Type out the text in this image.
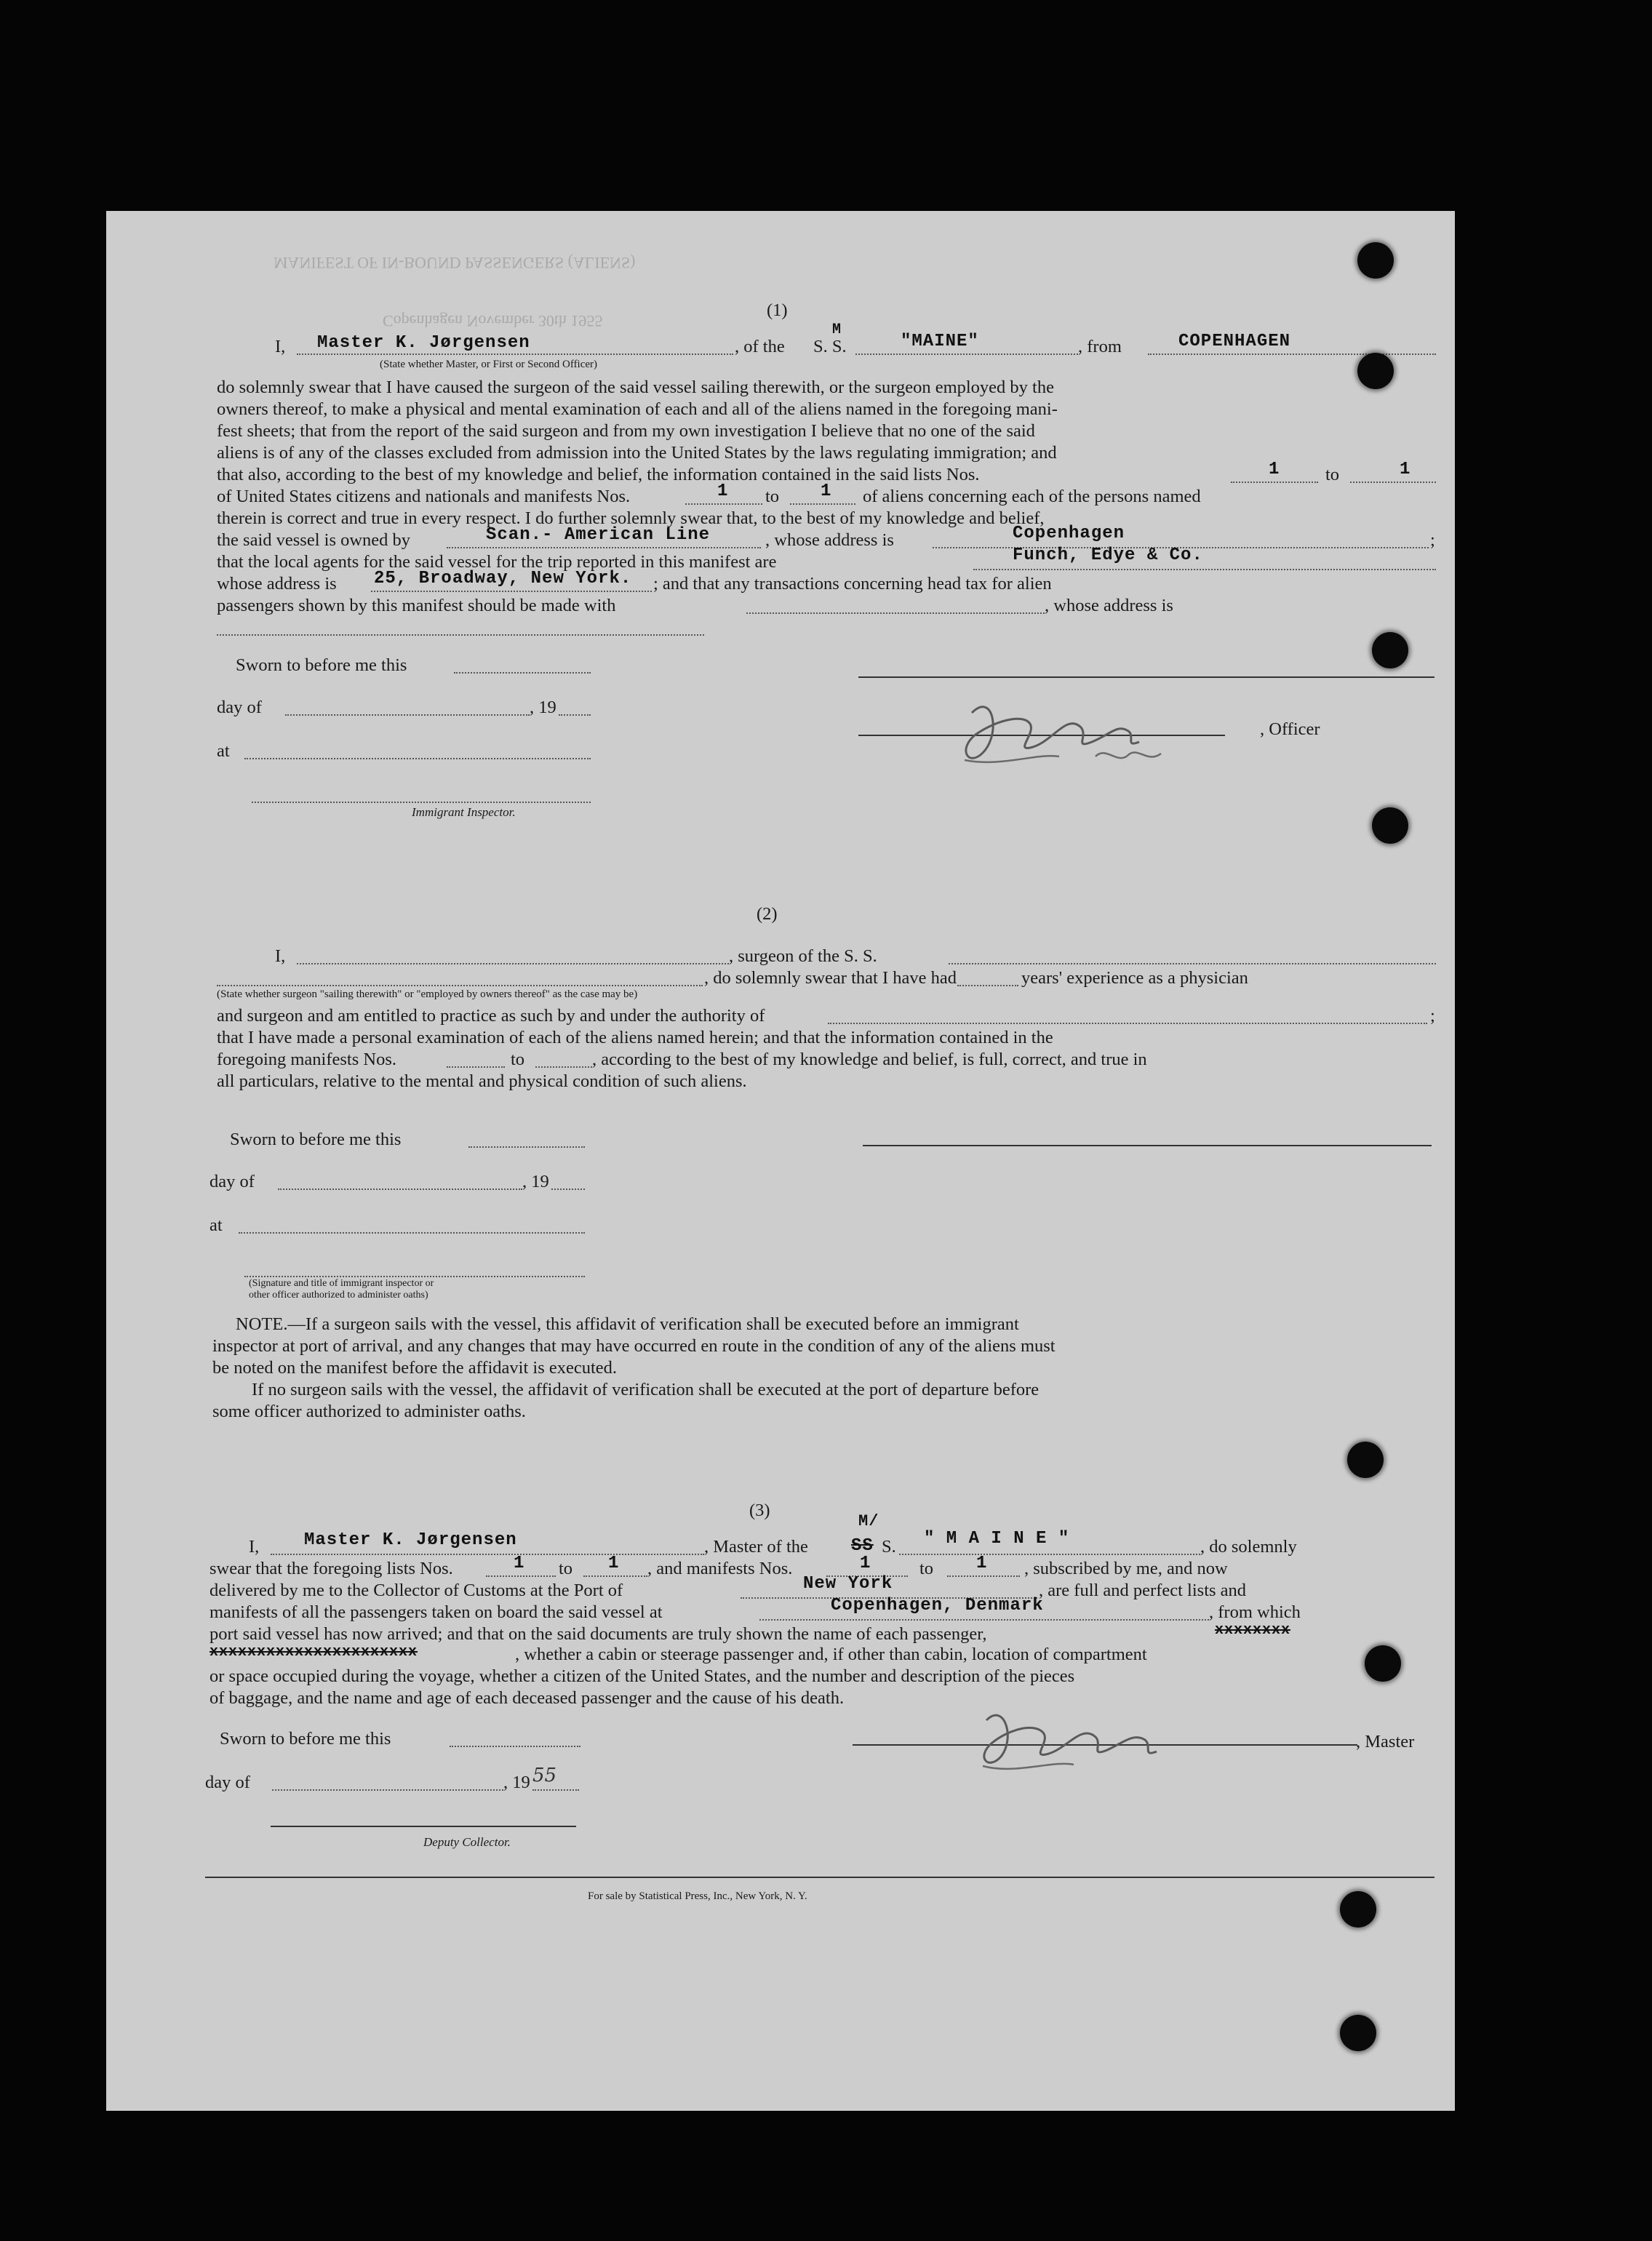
MANIFEST OF IN-BOUND PASSENGERS (ALIENS)
Copenhagen November 30th 1955
(1)
I, Master K. Jørgensen	, of the S. S.
M
"MAINE"	, from	COPENHAGEN
(State whether Master, or First or Second Officer)
do solemnly swear that I have caused the surgeon of the said vessel sailing therewith, or the surgeon employed by the
owners thereof, to make a physical and mental examination of each and all of the aliens named in the foregoing mani-
fest sheets; that from the report of the said surgeon and from my own investigation I believe that no one of the said
aliens is of any of the classes excluded from admission into the United States by the laws regulating immigration; and
that also, according to the best of my knowledge and belief, the information contained in the said lists Nos.	1	to	1
of United States citizens and nationals and manifests Nos.	1 to 1 of aliens concerning each of the persons named
therein is correct and true in every respect. I do further solemnly swear that, to the best of my knowledge and belief,
the said vessel is owned by	Scan.- American Line	, whose address is	Copenhagen	;
that the local agents for the said vessel for the trip reported in this manifest are	Funch, Edye & Co.
whose address is 25, Broadway, New York. ; and that any transactions concerning head tax for alien
passengers shown by this manifest should be made with	, whose address is
Sworn to before me this
day of	, 19
, Officer
K. Jørgensen
at
Immigrant Inspector.
(2)
I,	, surgeon of the S. S.
, do solemnly swear that I have had	years' experience as a physician
(State whether surgeon "sailing therewith" or "employed by owners thereof" as the case may be)
and surgeon and am entitled to practice as such by and under the authority of	;
that I have made a personal examination of each of the aliens named herein; and that the information contained in the
foregoing manifests Nos.	to	, according to the best of my knowledge and belief, is full, correct, and true in
all particulars, relative to the mental and physical condition of such aliens.
Sworn to before me this
day of	, 19
at
(Signature and title of immigrant inspector or
other officer authorized to administer oaths)
NOTE.—If a surgeon sails with the vessel, this affidavit of verification shall be executed before an immigrant
inspector at port of arrival, and any changes that may have occurred en route in the condition of any of the aliens must
be noted on the manifest before the affidavit is executed.
If no surgeon sails with the vessel, the affidavit of verification shall be executed at the port of departure before
some officer authorized to administer oaths.
(3)
I,	Master K. Jørgensen	, Master of the SS
M/
S. " M A I N E "	, do solemnly
swear that the foregoing lists Nos.	1 to 1 , and manifests Nos.	1	to 1 , subscribed by me, and now
delivered by me to the Collector of Customs at the Port of	New York	, are full and perfect lists and
manifests of all the passengers taken on board the said vessel at	Copenhagen, Denmark	, from which
port said vessel has now arrived; and that on the said documents are truly shown the name of each passenger,	xxxxxxxx
xxxxxxxxxxxxxxxxxxxxxx	, whether a cabin or steerage passenger and, if other than cabin, location of compartment
or space occupied during the voyage, whether a citizen of the United States, and the number and description of the pieces
of baggage, and the name and age of each deceased passenger and the cause of his death.
Sworn to before me this	, Master
K. Jørgensen
day of	, 19 55
Deputy Collector.
For sale by Statistical Press, Inc., New York, N. Y.
